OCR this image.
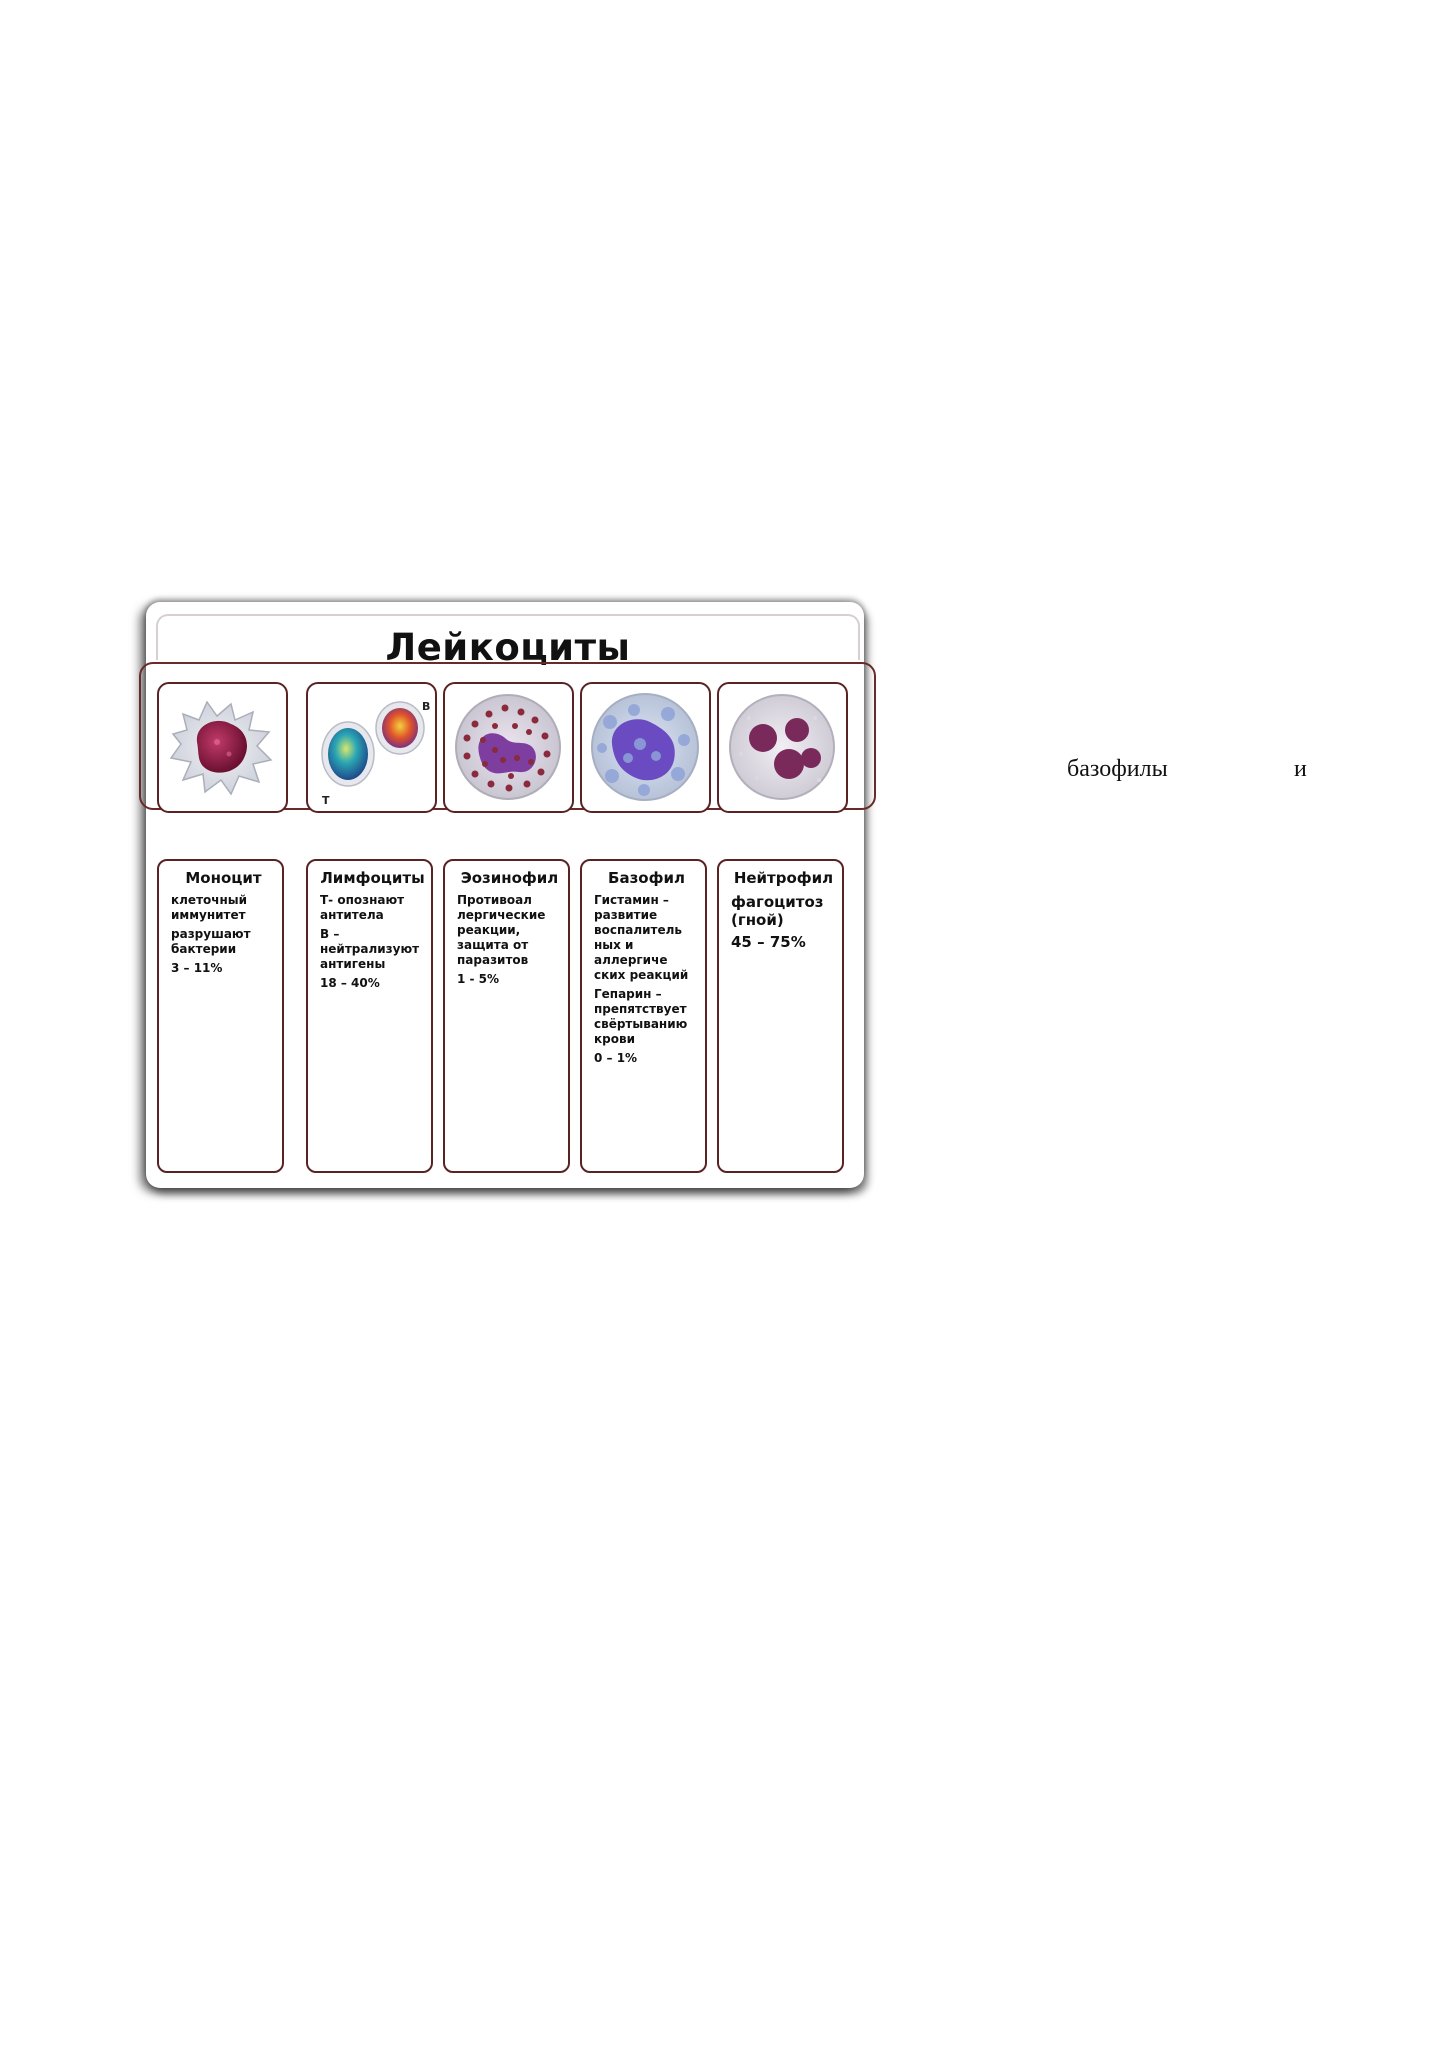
Лейкоциты
Т
В
Моноцит
клеточный
иммунитет
разрушают
бактерии
3 – 11%
Лимфоциты
Т- опознают
антитела
В –
нейтрализуют
антигены
18 – 40%
Эозинофил
Противоал
лергические
реакции,
защита от
паразитов
1 - 5%
Базофил
Гистамин –
развитие
воспалитель
ных и
аллергиче
ских реакций
Гепарин –
препятствует
свёртыванию
крови
0 – 1%
Нейтрофил
фагоцитоз
(гной)
45 – 75%
базофилы	и
